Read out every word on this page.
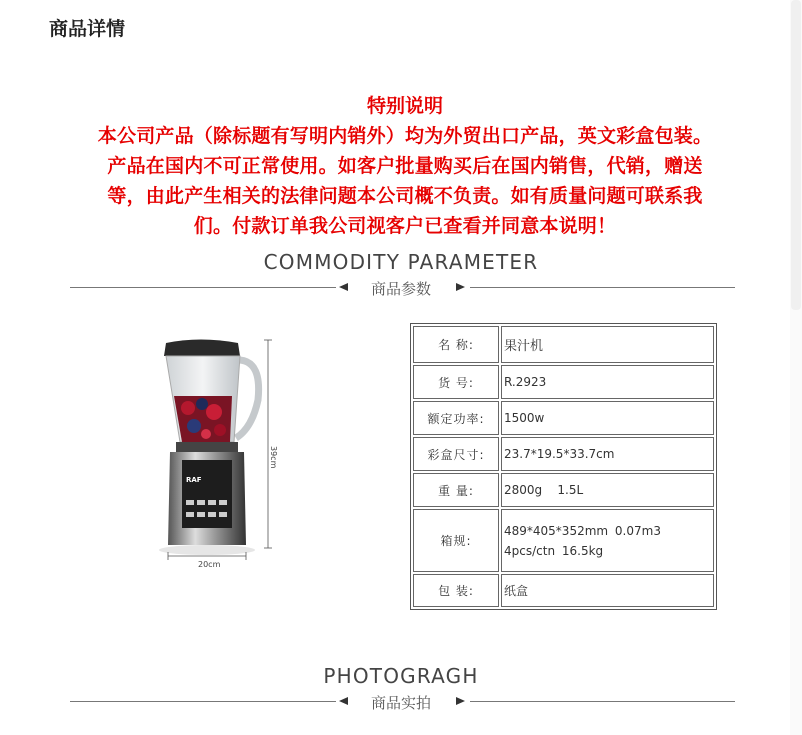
商品详情
特别说明
本公司产品（除标题有写明内销外）均为外贸出口产品，英文彩盒包装。
产品在国内不可正常使用。如客户批量购买后在国内销售，代销，赠送
等，由此产生相关的法律问题本公司概不负责。如有质量问题可联系我
们。付款订单我公司视客户已查看并同意本说明！
COMMODITY PARAMETER
商品参数
RAF
39cm
20cm
名 称:	果汁机
货 号:	R.2923
额定功率:	1500w
彩盒尺寸:	23.7*19.5*33.7cm
重 量:	2800g    1.5L
箱规:	489*405*352mm 0.07m3 4pcs/ctn 16.5kg
包 装:	纸盒
PHOTOGRAGH
商品实拍
